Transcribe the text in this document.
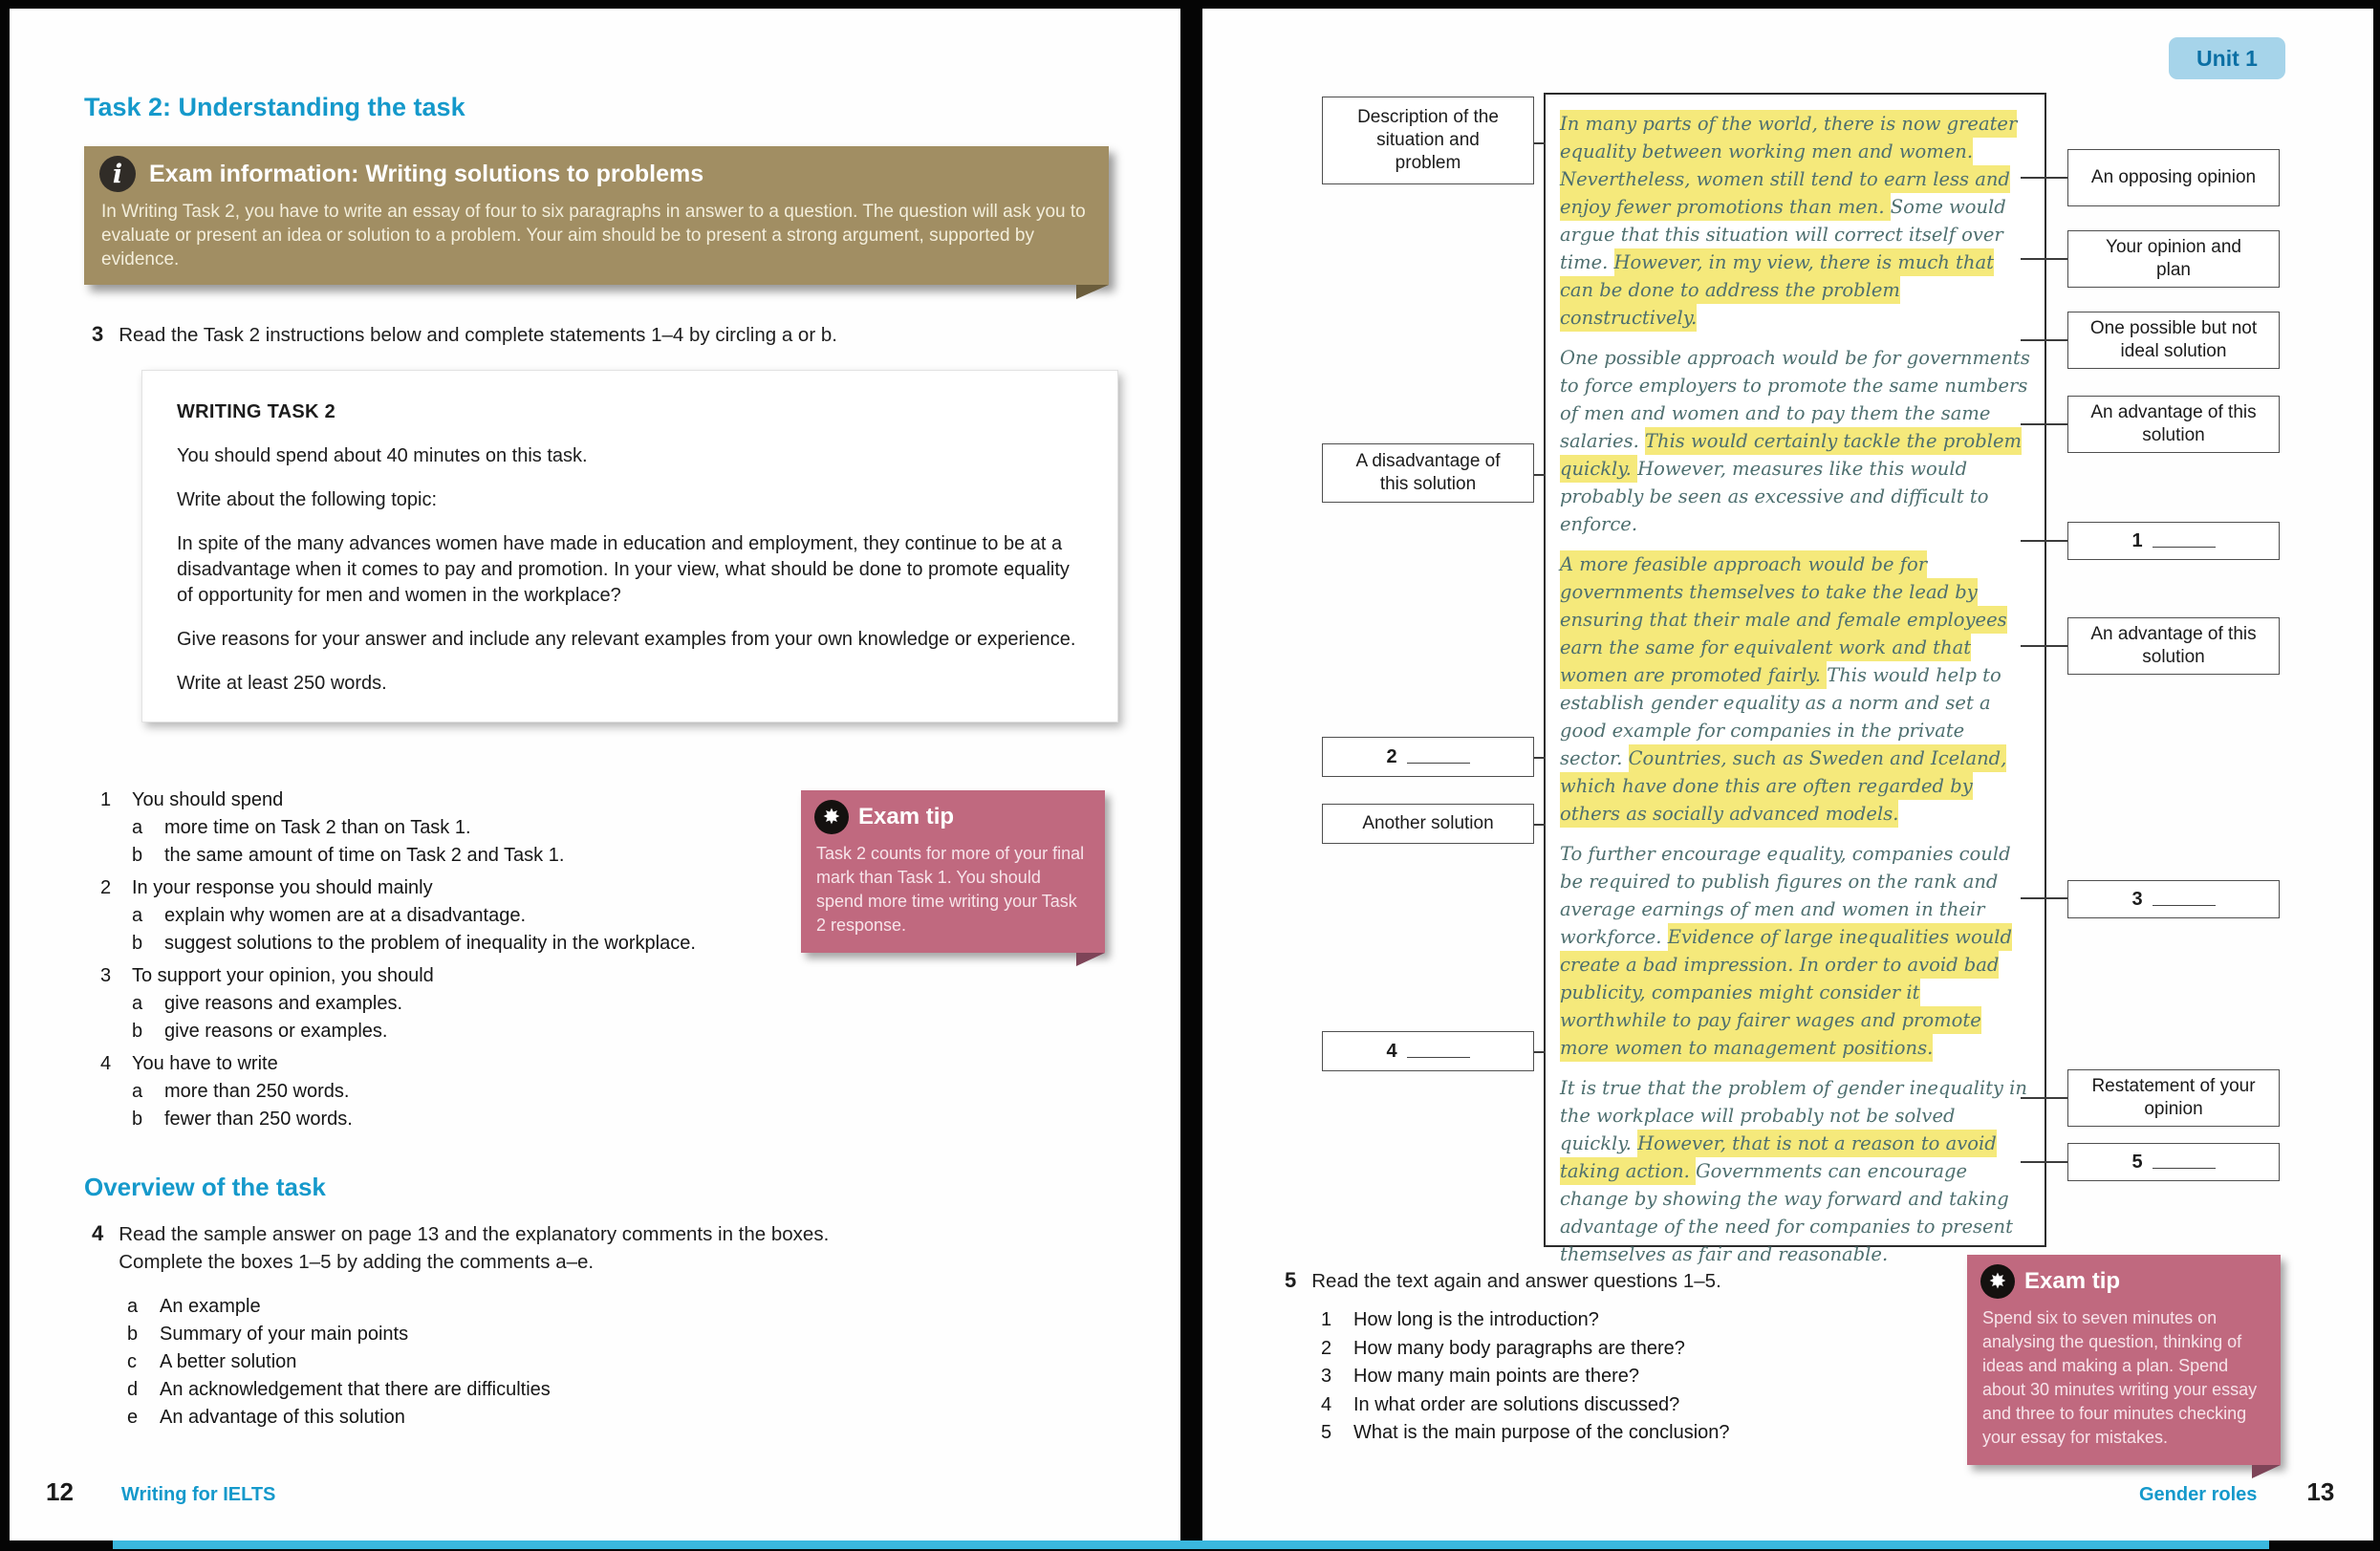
Task 2: Understanding the task
i	Exam information: Writing solutions to problems

In Writing Task 2, you have to write an essay of four to six paragraphs in answer to a question. The question will ask you to evaluate or present an idea or solution to a problem. Your aim should be to present a strong argument, supported by evidence.

3 Read the Task 2 instructions below and complete statements 1–4 by circling a or b.

WRITING TASK 2

You should spend about 40 minutes on this task.

Write about the following topic:

In spite of the many advances women have made in education and employment, they continue to be at a disadvantage when it comes to pay and promotion. In your view, what should be done to promote equality of opportunity for men and women in the workplace?

Give reasons for your answer and include any relevant examples from your own knowledge or experience.

Write at least 250 words.

1	You should spend
a	more time on Task 2 than on Task 1.
b	the same amount of time on Task 2 and Task 1.
2	In your response you should mainly
a	explain why women are at a disadvantage.
b	suggest solutions to the problem of inequality in the workplace.
3	To support your opinion, you should
a	give reasons and examples.
b	give reasons or examples.
4	You have to write
a	more than 250 words.
b	fewer than 250 words.
✸ Exam tip

Task 2 counts for more of your final mark than Task 1. You should spend more time writing your Task 2 response.

Overview of the task
4 Read the sample answer on page 13 and the explanatory comments in the boxes.
Complete the boxes 1–5 by adding the comments a–e.
a	An example
b	Summary of your main points
c	A better solution
d	An acknowledgement that there are difficulties
e	An advantage of this solution
12	Writing for IELTS
Unit 1

In many parts of the world, there is now greater equality between working men and women. Nevertheless, women still tend to earn less and enjoy fewer promotions than men. Some would argue that this situation will correct itself over time. However, in my view, there is much that can be done to address the problem constructively.

One possible approach would be for governments to force employers to promote the same numbers of men and women and to pay them the same salaries. This would certainly tackle the problem quickly. However, measures like this would probably be seen as excessive and difficult to enforce.

A more feasible approach would be for governments themselves to take the lead by ensuring that their male and female employees earn the same for equivalent work and that women are promoted fairly. This would help to establish gender equality as a norm and set a good example for companies in the private sector. Countries, such as Sweden and Iceland, which have done this are often regarded by others as socially advanced models.

To further encourage equality, companies could be required to publish figures on the rank and average earnings of men and women in their workforce. Evidence of large inequalities would create a bad impression. In order to avoid bad publicity, companies might consider it worthwhile to pay fairer wages and promote more women to management positions.

It is true that the problem of gender inequality in the workplace will probably not be solved quickly. However, that is not a reason to avoid taking action. Governments can encourage change by showing the way forward and taking advantage of the need for companies to present themselves as fair and reasonable.

Description of the situation and problem
A disadvantage of this solution
2
Another solution
4
An opposing opinion
Your opinion and plan
One possible but not ideal solution
An advantage of this solution
1
An advantage of this solution
3
Restatement of your opinion
5
5 Read the text again and answer questions 1–5.
1	How long is the introduction?
2	How many body paragraphs are there?
3	How many main points are there?
4	In what order are solutions discussed?
5	What is the main purpose of the conclusion?
✸ Exam tip

Spend six to seven minutes on analysing the question, thinking of ideas and making a plan. Spend about 30 minutes writing your essay and three to four minutes checking your essay for mistakes.

Gender roles 13
